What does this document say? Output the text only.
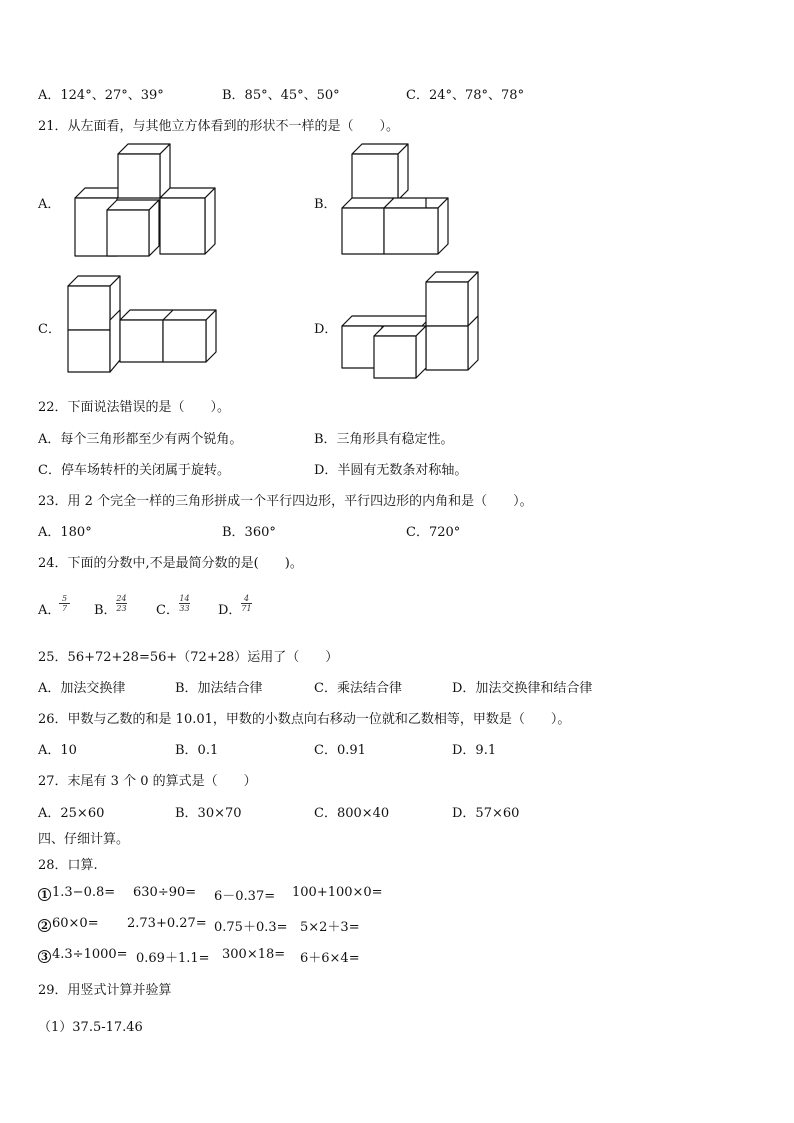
A．124°、27°、39°	B．85°、45°、50°	C．24°、78°、78°
21．从左面看，与其他立方体看到的形状不一样的是（　　）。
A．	B．
C．	D．
22．下面说法错误的是（　　）。
A．每个三角形都至少有两个锐角。	B．三角形具有稳定性。
C．停车场转杆的关闭属于旋转。	D．半圆有无数条对称轴。
23．用 2 个完全一样的三角形拼成一个平行四边形，平行四边形的内角和是（　　）。
A．180°	B．360°	C．720°
24．下面的分数中,不是最简分数的是(　　)。
A．
5
7 B．
24
23 C．
14
33 D．
4
71
25．56+72+28=56+（72+28）运用了（　　）
A．加法交换律	B．加法结合律	C．乘法结合律	D．加法交换律和结合律
26．甲数与乙数的和是 10.01，甲数的小数点向右移动一位就和乙数相等，甲数是（　　）。
A．10	B．0.1	C．0.91	D．9.1
27．末尾有 3 个 0 的算式是（　　）
A．25×60	B．30×70	C．800×40	D．57×60
四、仔细计算。
28．口算.
1 1.3−0.8= 630÷90= 6－0.37= 100+100×0=
2 60×0= 2.73+0.27= 0.75＋0.3= 5×2＋3=
3 4.3÷1000= 0.69＋1.1= 300×18= 6＋6×4=
29．用竖式计算并验算
（1）37.5-17.46
